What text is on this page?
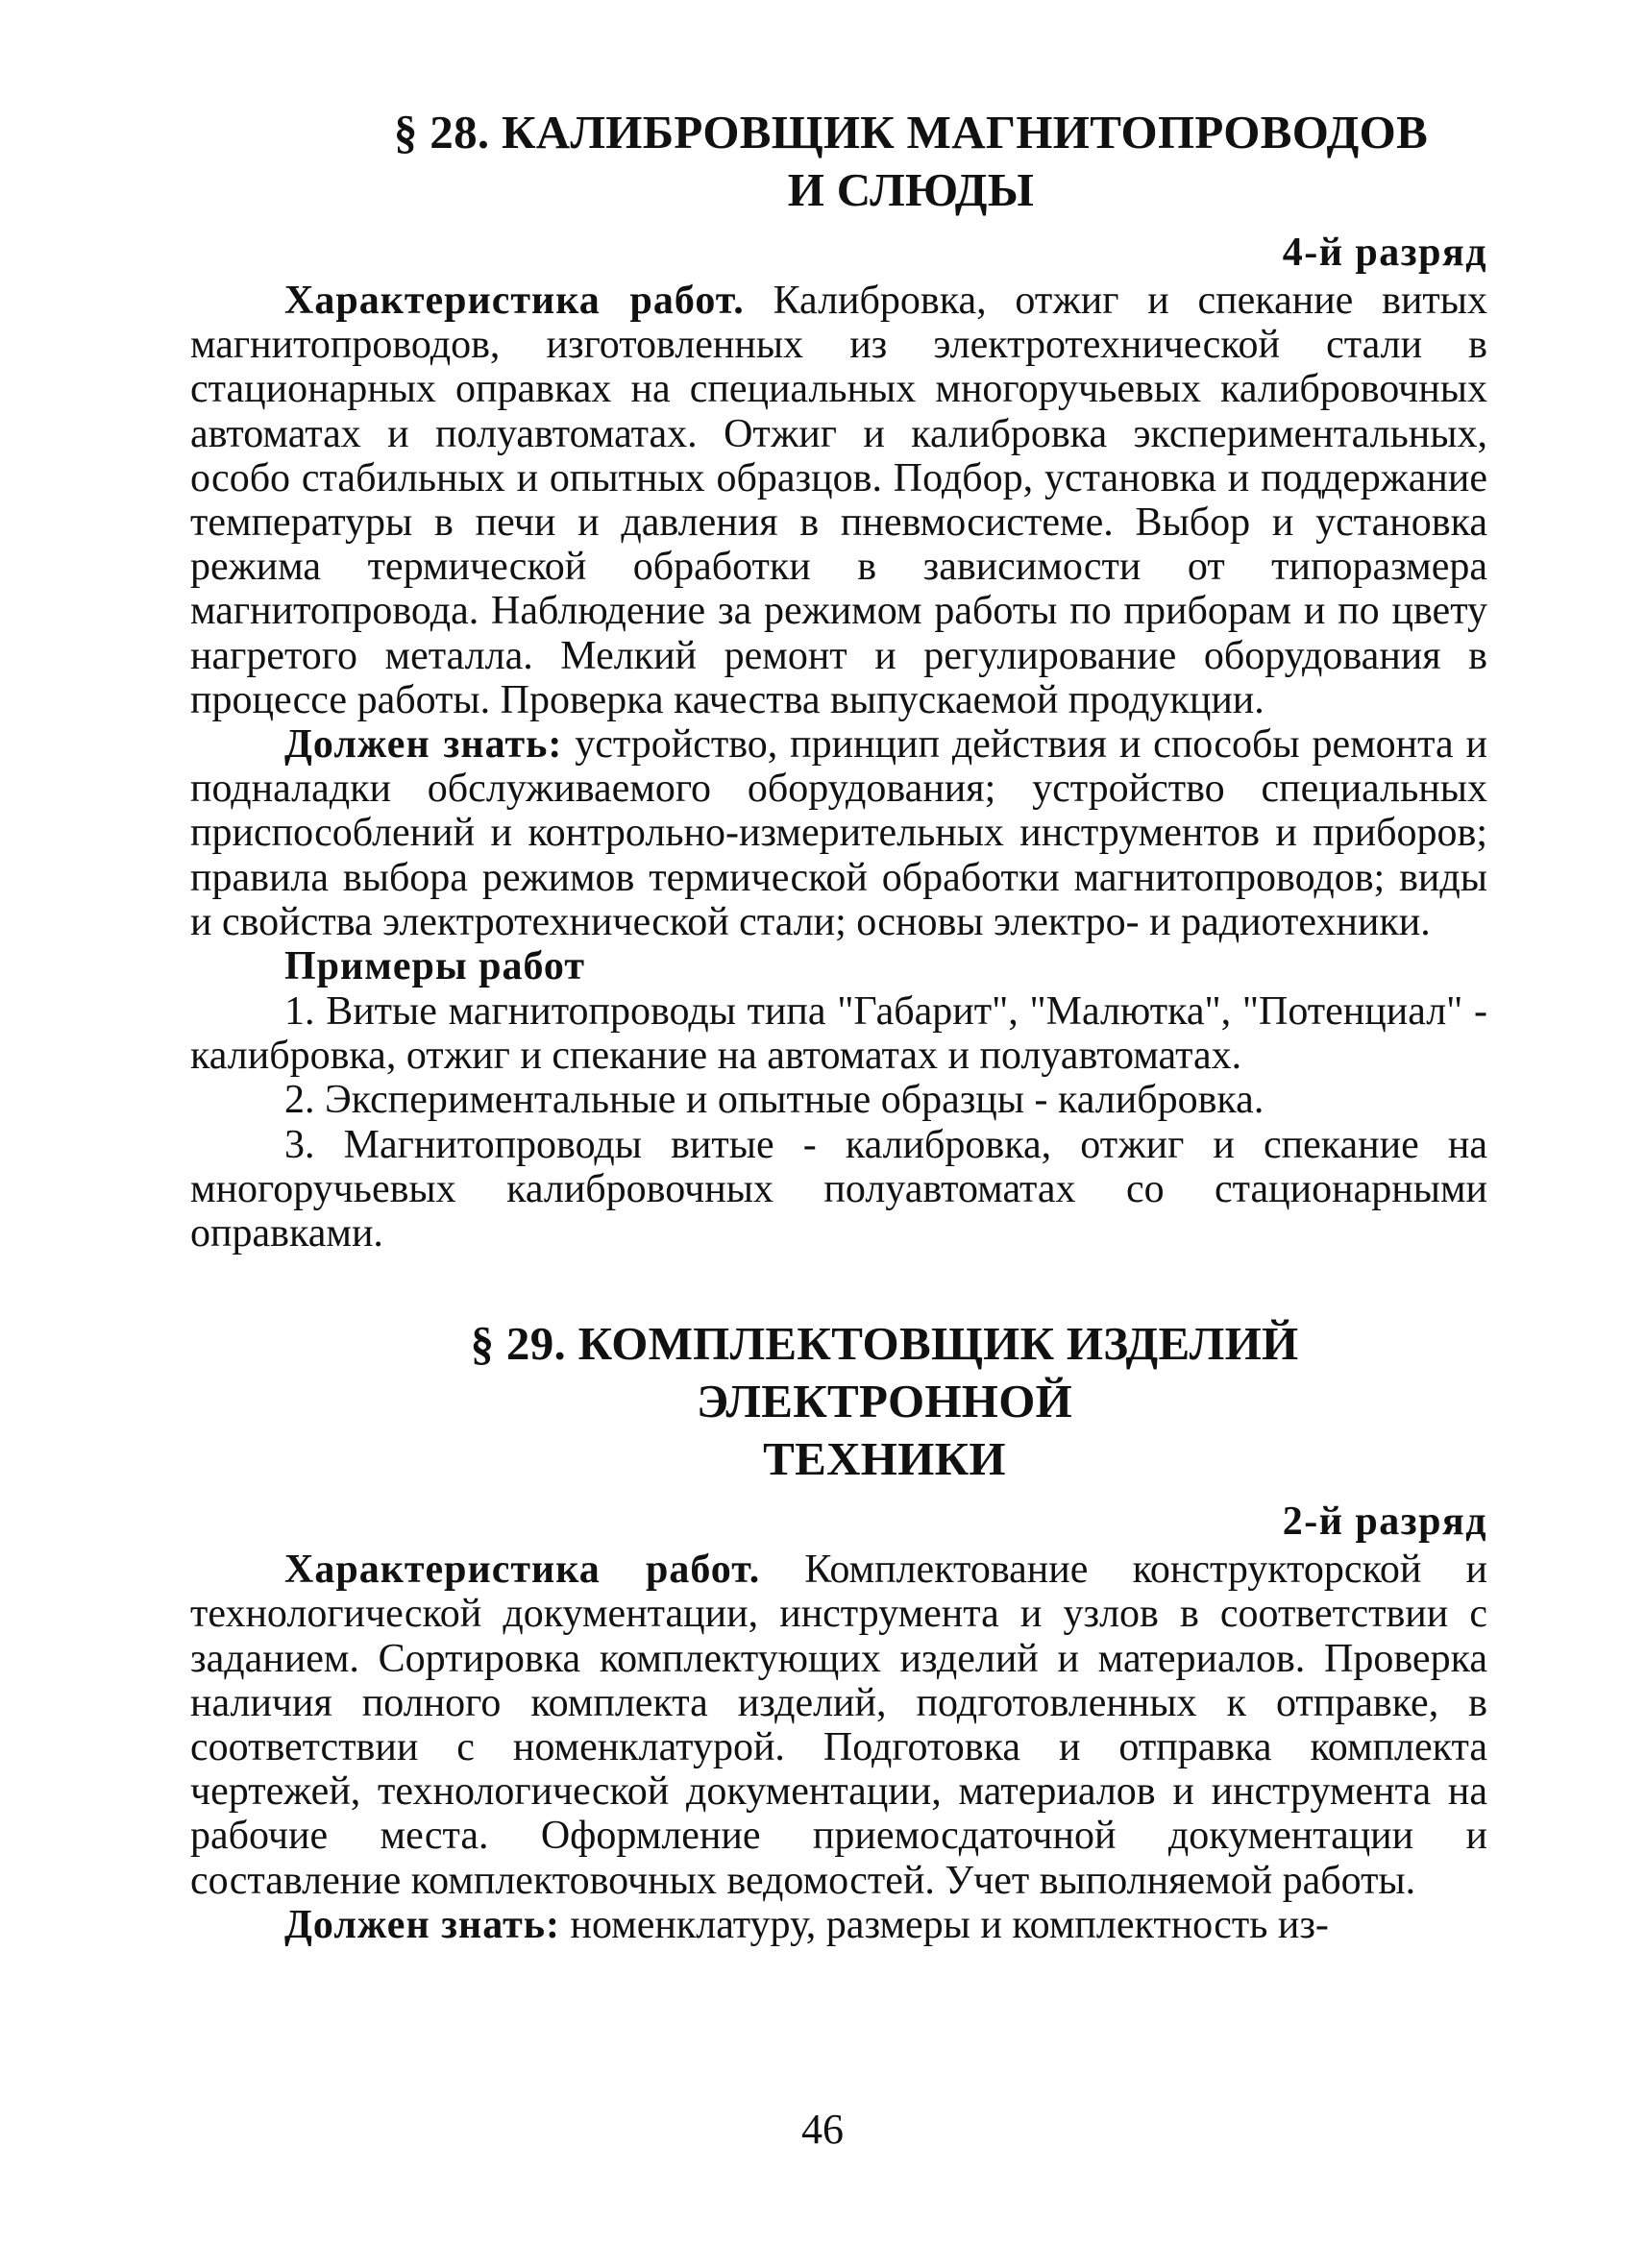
§ 28. КАЛИБРОВЩИК МАГНИТОПРОВОДОВ
И СЛЮДЫ
4-й разряд

Характеристика работ. Калибровка, отжиг и спекание витых магнитопроводов, изготовленных из электротехнической стали в стационарных оправках на специальных многоручьевых калибровочных автоматах и полуавтоматах. Отжиг и калибровка экспериментальных, особо стабильных и опытных образцов. Подбор, установка и поддержание температуры в печи и давления в пневмосистеме. Выбор и установка режима термической обработки в зависимости от типоразмера магнитопровода. Наблюдение за режимом работы по приборам и по цвету нагретого металла. Мелкий ремонт и регулирование оборудования в процессе работы. Проверка качества выпускаемой продукции.

Должен знать: устройство, принцип действия и способы ремонта и подналадки обслуживаемого оборудования; устройство специальных приспособлений и контрольно-измерительных инструментов и приборов; правила выбора режимов термической обработки магнитопроводов; виды и свойства электротехнической стали; основы электро- и радиотехники.

Примеры работ

1. Витые магнитопроводы типа "Габарит", "Малютка", "Потенциал" - калибровка, отжиг и спекание на автоматах и полуавтоматах.

2. Экспериментальные и опытные образцы - калибровка.

3. Магнитопроводы витые - калибровка, отжиг и спекание на многоручьевых калибровочных полуавтоматах со стационарными оправками.

§ 29. КОМПЛЕКТОВЩИК ИЗДЕЛИЙ ЭЛЕКТРОННОЙ
ТЕХНИКИ
2-й разряд

Характеристика работ. Комплектование конструкторской и технологической документации, инструмента и узлов в соответствии с заданием. Сортировка комплектующих изделий и материалов. Проверка наличия полного комплекта изделий, подготовленных к отправке, в соответствии с номенклатурой. Подготовка и отправка комплекта чертежей, технологической документации, материалов и инструмента на рабочие места. Оформление приемосдаточной документации и составление комплектовочных ведомостей. Учет выполняемой работы.

Должен знать: номенклатуру, размеры и комплектность из-

46
